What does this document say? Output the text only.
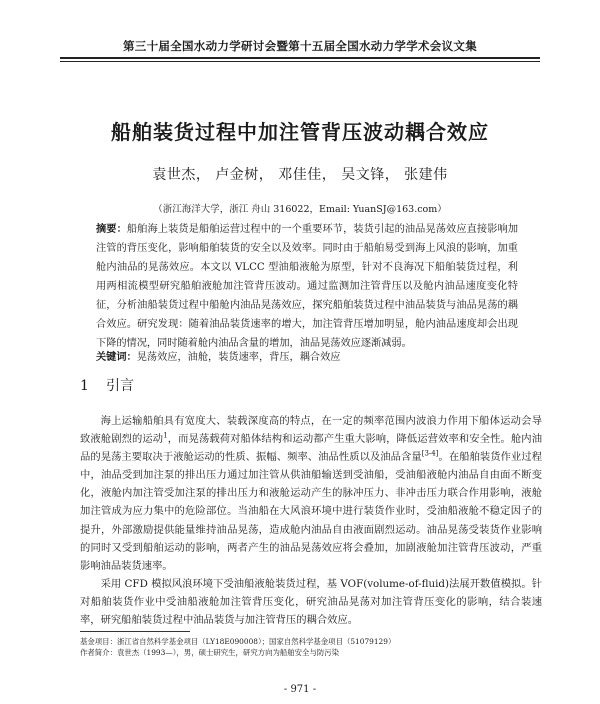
第三十届全国水动力学研讨会暨第十五届全国水动力学学术会议文集
船舶装货过程中加注管背压波动耦合效应
袁世杰， 卢金树， 邓佳佳， 吴文锋， 张建伟
（浙江海洋大学，浙江 舟山 316022，Email: YuanSJ@163.com）
摘要：船舶海上装货是船舶运营过程中的一个重要环节，装货引起的油品晃荡效应直接影响加注管的背压变化，影响船舶装货的安全以及效率。同时由于船舶易受到海上风浪的影响，加重舱内油品的晃荡效应。本文以 VLCC 型油船液舱为原型，针对不良海况下船舶装货过程，利用两相流模型研究船舶液舱加注管背压波动。通过监测加注管背压以及舱内油品速度变化特征，分析油船装货过程中船舱内油品晃荡效应，探究船舶装货过程中油品装货与油品晃荡的耦合效应。研究发现：随着油品装货速率的增大，加注管背压增加明显，舱内油品速度却会出现下降的情况，同时随着舱内油品含量的增加，油品晃荡效应逐渐减弱。
关键词：晃荡效应，油舱，装货速率，背压，耦合效应
1 引言

海上运输船舶具有宽度大、装载深度高的特点，在一定的频率范围内波浪力作用下船体运动会导致液舱剧烈的运动$^1$，而晃荡载荷对船体结构和运动都产生重大影响，降低运营效率和安全性。舱内油品的晃荡主要取决于液舱运动的性质、振幅、频率、油品性质以及油品含量[3-4]。在船舶装货作业过程中，油品受到加注泵的排出压力通过加注管从供油船输送到受油船，受油船液舱内油品自由面不断变化，液舱内加注管受加注泵的排出压力和液舱运动产生的脉冲压力、非冲击压力联合作用影响，液舱加注管成为应力集中的危险部位。当油船在大风浪环境中进行装货作业时，受油船液舱不稳定因子的提升，外部激励提供能量维持油品晃荡，造成舱内油品自由液面剧烈运动。油品晃荡受装货作业影响的同时又受到船舶运动的影响，两者产生的油品晃荡效应将会叠加，加剧液舱加注管背压波动，严重影响油品装货速率。

采用 CFD 模拟风浪环境下受油船液舱装货过程，基 VOF(volume-of-fluid)法展开数值模拟。针对船舶装货作业中受油船液舱加注管背压变化，研究油品晃荡对加注管背压变化的影响，结合装速率，研究船舶装货过程中油品装货与加注管背压的耦合效应。

基金项目：浙江省自然科学基金项目（LY18E090008）；国家自然科学基金项目（51079129）
作者简介：袁世杰（1993—），男，硕士研究生，研究方向为船舶安全与防污染
- 971 -
